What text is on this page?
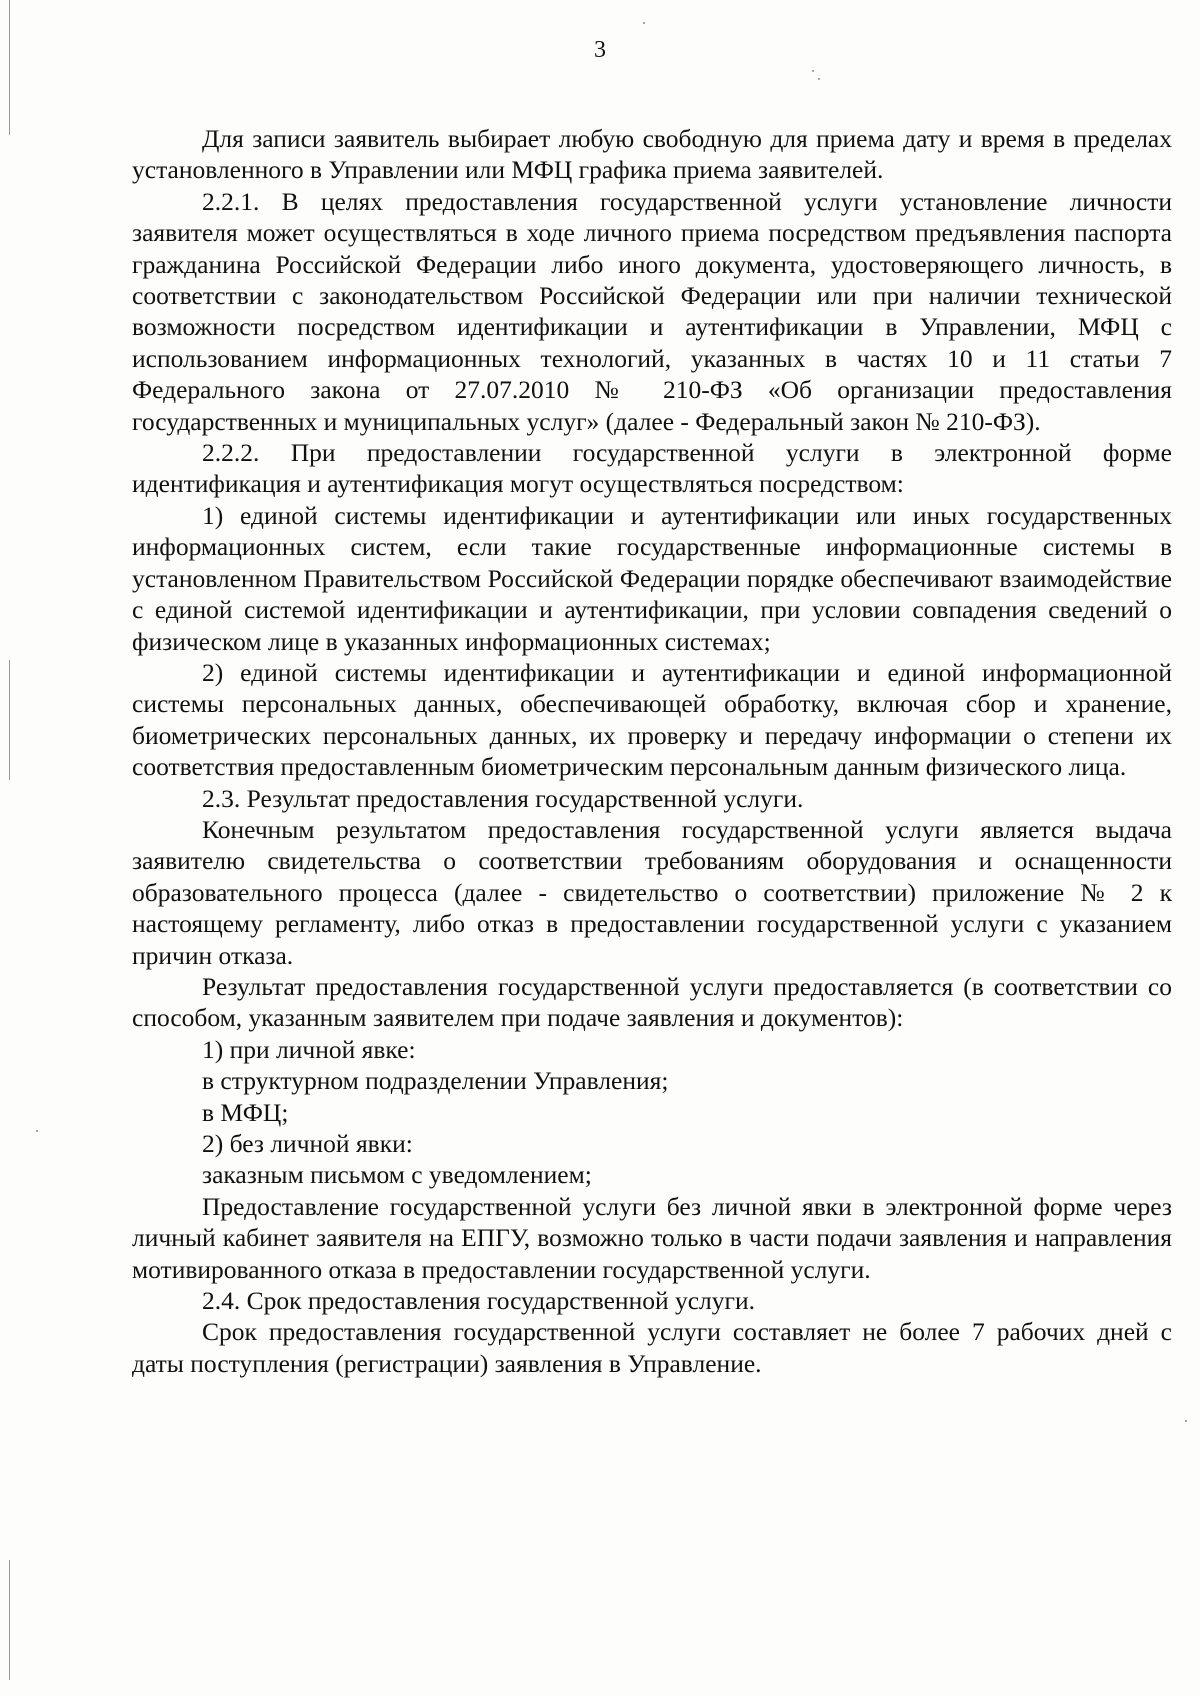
3

Для записи заявитель выбирает любую свободную для приема дату и время в пределах установленного в Управлении или МФЦ графика приема заявителей.

2.2.1. В целях предоставления государственной услуги установление личности заявителя может осуществляться в ходе личного приема посредством предъявления паспорта гражданина Российской Федерации либо иного документа, удостоверяющего личность, в соответствии с законодательством Российской Федерации или при наличии технической возможности посредством идентификации и аутентификации в Управлении, МФЦ с использованием информационных технологий, указанных в частях 10 и 11 статьи 7 Федерального закона от 27.07.2010 № 210-ФЗ «Об организации предоставления государственных и муниципальных услуг» (далее - Федеральный закон № 210-ФЗ).

2.2.2. При предоставлении государственной услуги в электронной форме идентификация и аутентификация могут осуществляться посредством:

1) единой системы идентификации и аутентификации или иных государственных информационных систем, если такие государственные информационные системы в установленном Правительством Российской Федерации порядке обеспечивают взаимодействие с единой системой идентификации и аутентификации, при условии совпадения сведений о физическом лице в указанных информационных системах;

2) единой системы идентификации и аутентификации и единой информационной системы персональных данных, обеспечивающей обработку, включая сбор и хранение, биометрических персональных данных, их проверку и передачу информации о степени их соответствия предоставленным биометрическим персональным данным физического лица.

2.3. Результат предоставления государственной услуги.

Конечным результатом предоставления государственной услуги является выдача заявителю свидетельства о соответствии требованиям оборудования и оснащенности образовательного процесса (далее - свидетельство о соответствии) приложение № 2 к настоящему регламенту, либо отказ в предоставлении государственной услуги с указанием причин отказа.

Результат предоставления государственной услуги предоставляется (в соответствии со способом, указанным заявителем при подаче заявления и документов):

1) при личной явке:

в структурном подразделении Управления;

в МФЦ;

2) без личной явки:

заказным письмом с уведомлением;

Предоставление государственной услуги без личной явки в электронной форме через личный кабинет заявителя на ЕПГУ, возможно только в части подачи заявления и направления мотивированного отказа в предоставлении государственной услуги.

2.4. Срок предоставления государственной услуги.

Срок предоставления государственной услуги составляет не более 7 рабочих дней с даты поступления (регистрации) заявления в Управление.
